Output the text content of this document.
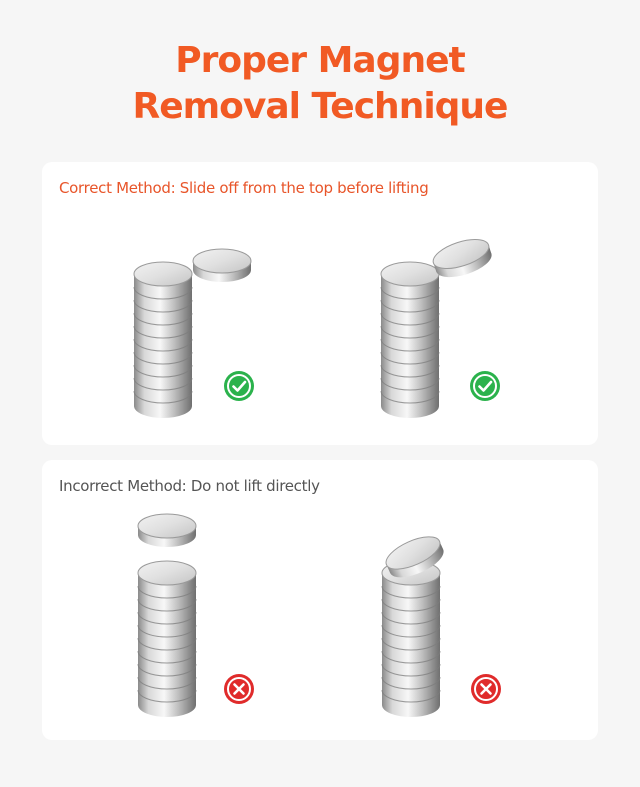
Proper Magnet
Removal Technique
Correct Method: Slide off from the top before lifting
Incorrect Method: Do not lift directly
